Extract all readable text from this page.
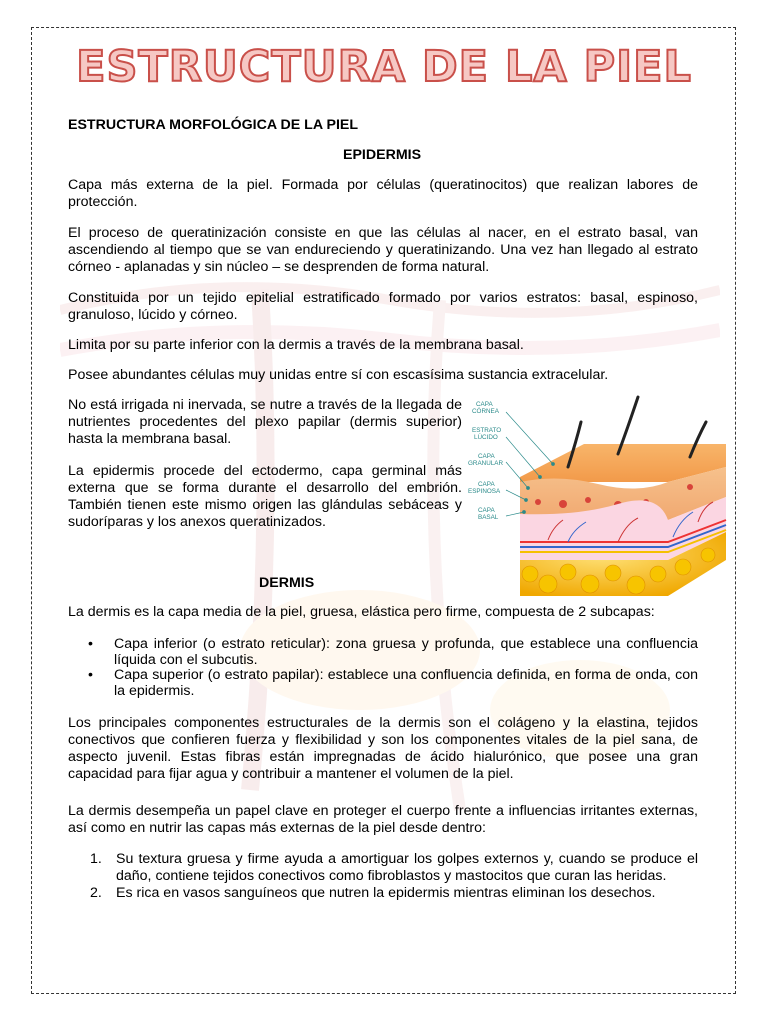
ESTRUCTURA DE LA PIEL
ESTRUCTURA MORFOLÓGICA DE LA PIEL
EPIDERMIS
Capa más externa de la piel. Formada por células (queratinocitos) que realizan labores de protección.
El proceso de queratinización consiste en que las células al nacer, en el estrato basal, van ascendiendo al tiempo que se van endureciendo y queratinizando. Una vez han llegado al estrato córneo - aplanadas y sin núcleo – se desprenden de forma natural.
Constituida por un tejido epitelial estratificado formado por varios estratos: basal, espinoso, granuloso, lúcido y córneo.
Limita por su parte inferior con la dermis a través de la membrana basal.
Posee abundantes células muy unidas entre sí con escasísima sustancia extracelular.
No está irrigada ni inervada, se nutre a través de la llegada de nutrientes procedentes del plexo papilar (dermis superior) hasta la membrana basal.
La epidermis procede del ectodermo, capa germinal más externa que se forma durante el desarrollo del embrión. También tienen este mismo origen las glándulas sebáceas y sudoríparas y los anexos queratinizados.
CAPA
CÓRNEA
ESTRATO
LÚCIDO
CAPA
GRANULAR
CAPA
ESPINOSA
CAPA
BASAL
DERMIS
La dermis es la capa media de la piel, gruesa, elástica pero firme, compuesta de 2 subcapas:
• Capa inferior (o estrato reticular): zona gruesa y profunda, que establece una confluencia líquida con el subcutis.
• Capa superior (o estrato papilar): establece una confluencia definida, en forma de onda, con la epidermis.
Los principales componentes estructurales de la dermis son el colágeno y la elastina, tejidos conectivos que confieren fuerza y flexibilidad y son los componentes vitales de la piel sana, de aspecto juvenil. Estas fibras están impregnadas de ácido hialurónico, que posee una gran capacidad para fijar agua y contribuir a mantener el volumen de la piel.
La dermis desempeña un papel clave en proteger el cuerpo frente a influencias irritantes externas, así como en nutrir las capas más externas de la piel desde dentro:
1. Su textura gruesa y firme ayuda a amortiguar los golpes externos y, cuando se produce el daño, contiene tejidos conectivos como fibroblastos y mastocitos que curan las heridas.
2. Es rica en vasos sanguíneos que nutren la epidermis mientras eliminan los desechos.
